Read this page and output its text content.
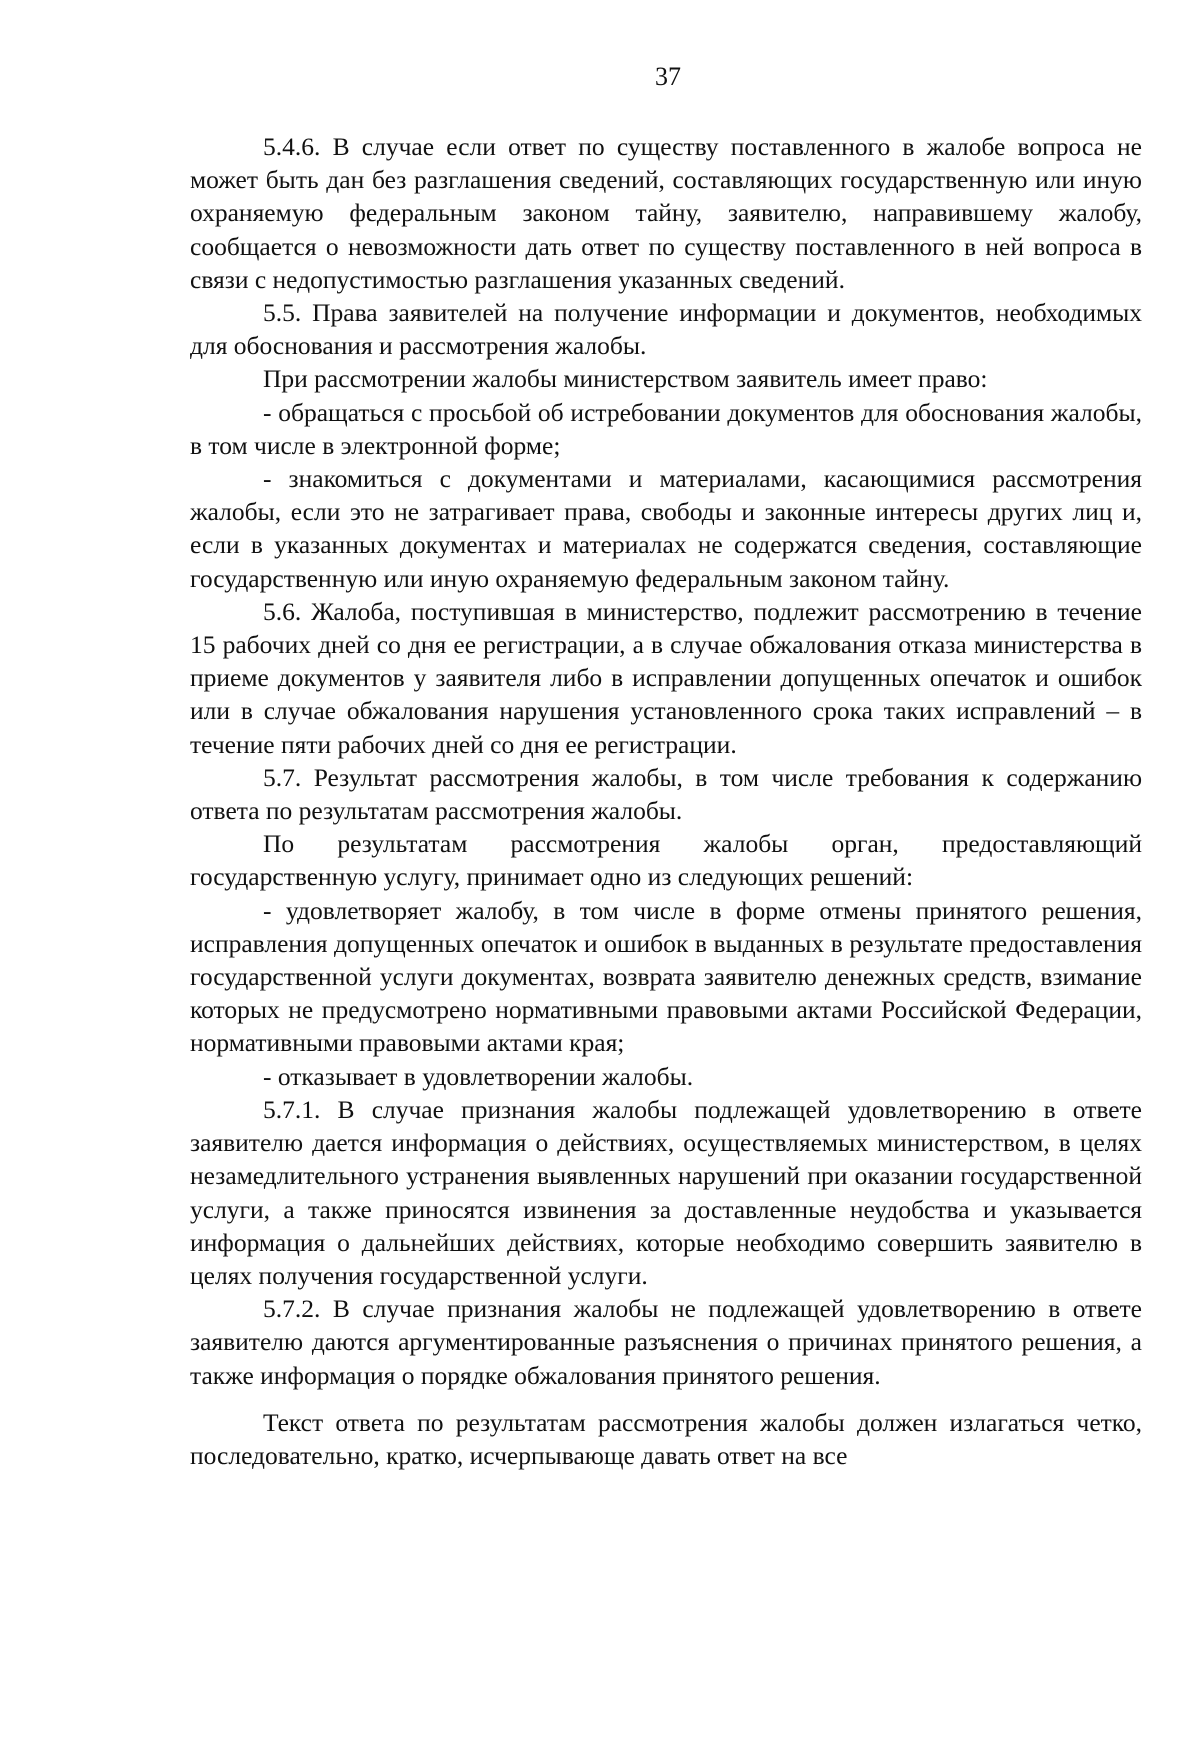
37

5.4.6. В случае если ответ по существу поставленного в жалобе вопроса не может быть дан без разглашения сведений, составляющих государственную или иную охраняемую федеральным законом тайну, заявителю, направившему жалобу, сообщается о невозможности дать ответ по существу поставленного в ней вопроса в связи с недопустимостью разглашения указанных сведений.

5.5. Права заявителей на получение информации и документов, необходимых для обоснования и рассмотрения жалобы.

При рассмотрении жалобы министерством заявитель имеет право:

- обращаться с просьбой об истребовании документов для обоснования жалобы, в том числе в электронной форме;

- знакомиться с документами и материалами, касающимися рассмотрения жалобы, если это не затрагивает права, свободы и законные интересы других лиц и, если в указанных документах и материалах не содержатся сведения, составляющие государственную или иную охраняемую федеральным законом тайну.

5.6. Жалоба, поступившая в министерство, подлежит рассмотрению в течение 15 рабочих дней со дня ее регистрации, а в случае обжалования отказа министерства в приеме документов у заявителя либо в исправлении допущенных опечаток и ошибок или в случае обжалования нарушения установленного срока таких исправлений – в течение пяти рабочих дней со дня ее регистрации.

5.7. Результат рассмотрения жалобы, в том числе требования к содержанию ответа по результатам рассмотрения жалобы.

По результатам рассмотрения жалобы орган, предоставляющий государственную услугу, принимает одно из следующих решений:

- удовлетворяет жалобу, в том числе в форме отмены принятого решения, исправления допущенных опечаток и ошибок в выданных в результате предоставления государственной услуги документах, возврата заявителю денежных средств, взимание которых не предусмотрено нормативными правовыми актами Российской Федерации, нормативными правовыми актами края;

- отказывает в удовлетворении жалобы.

5.7.1. В случае признания жалобы подлежащей удовлетворению в ответе заявителю дается информация о действиях, осуществляемых министерством, в целях незамедлительного устранения выявленных нарушений при оказании государственной услуги, а также приносятся извинения за доставленные неудобства и указывается информация о дальнейших действиях, которые необходимо совершить заявителю в целях получения государственной услуги.

5.7.2. В случае признания жалобы не подлежащей удовлетворению в ответе заявителю даются аргументированные разъяснения о причинах принятого решения, а также информация о порядке обжалования принятого решения.

Текст ответа по результатам рассмотрения жалобы должен излагаться четко, последовательно, кратко, исчерпывающе давать ответ на все
